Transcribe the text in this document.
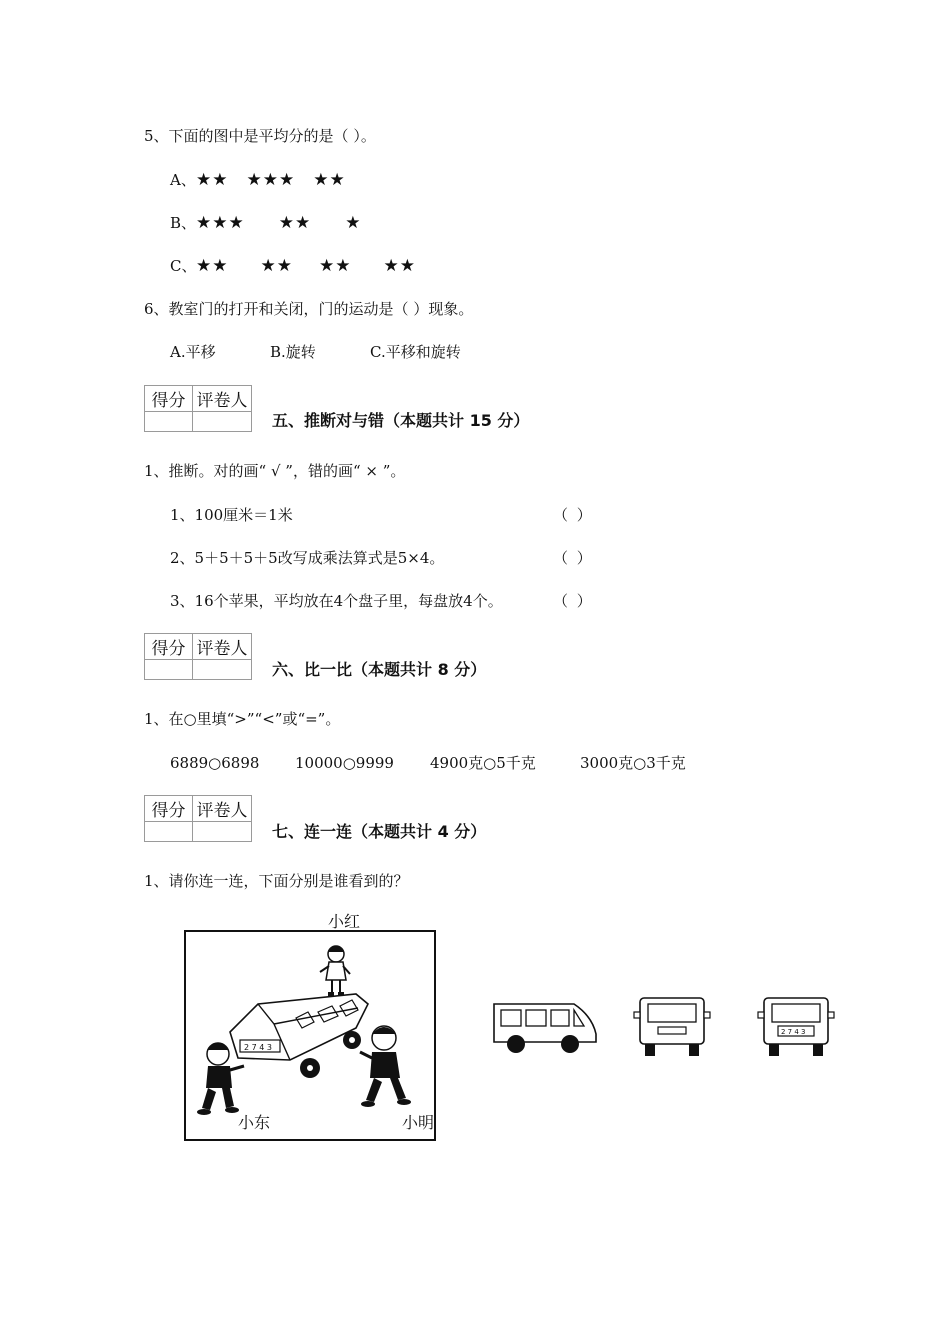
5、下面的图中是平均分的是（ ）。
A、★★ ★★★ ★★
B、★★★ ★★ ★
C、★★ ★★ ★★ ★★
6、教室门的打开和关闭，门的运动是（ ）现象。
A.平移	B.旋转	C.平移和旋转
得分	评卷人

五、推断对与错（本题共计 15 分）
1、推断。对的画“ √ ”，错的画“ × ”。
1、100厘米＝1米	（ ）
2、5＋5＋5＋5改写成乘法算式是5×4。	（ ）
3、16个苹果，平均放在4个盘子里，每盘放4个。	（ ）
得分	评卷人

六、比一比（本题共计 8 分）
1、在○里填“>”“<”或“=”。
6889○6898 10000○9999 4900克○5千克	3000克○3千克
得分	评卷人

七、连一连（本题共计 4 分）
1、请你连一连，下面分别是谁看到的？
小红
2 7 4 3
小东	小明
2 7 4 3
